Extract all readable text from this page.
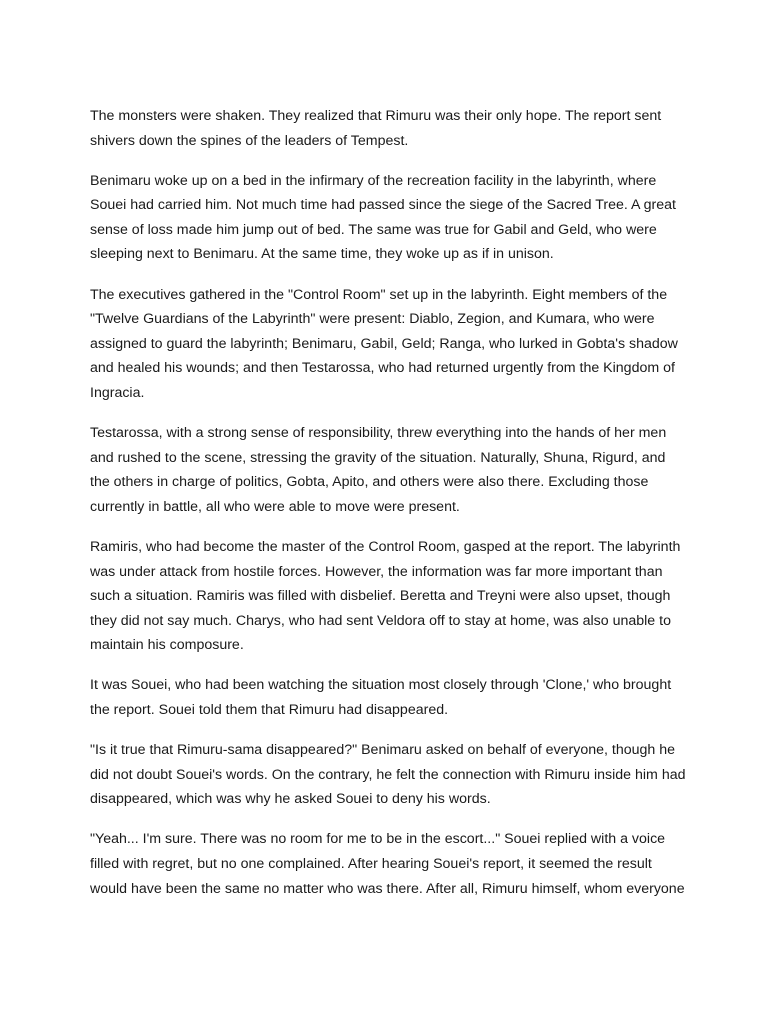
The monsters were shaken. They realized that Rimuru was their only hope. The report sent shivers down the spines of the leaders of Tempest.

Benimaru woke up on a bed in the infirmary of the recreation facility in the labyrinth, where Souei had carried him. Not much time had passed since the siege of the Sacred Tree. A great sense of loss made him jump out of bed. The same was true for Gabil and Geld, who were sleeping next to Benimaru. At the same time, they woke up as if in unison.

The executives gathered in the "Control Room" set up in the labyrinth. Eight members of the "Twelve Guardians of the Labyrinth" were present: Diablo, Zegion, and Kumara, who were assigned to guard the labyrinth; Benimaru, Gabil, Geld; Ranga, who lurked in Gobta's shadow and healed his wounds; and then Testarossa, who had returned urgently from the Kingdom of Ingracia.

Testarossa, with a strong sense of responsibility, threw everything into the hands of her men and rushed to the scene, stressing the gravity of the situation. Naturally, Shuna, Rigurd, and the others in charge of politics, Gobta, Apito, and others were also there. Excluding those currently in battle, all who were able to move were present.

Ramiris, who had become the master of the Control Room, gasped at the report. The labyrinth was under attack from hostile forces. However, the information was far more important than such a situation. Ramiris was filled with disbelief. Beretta and Treyni were also upset, though they did not say much. Charys, who had sent Veldora off to stay at home, was also unable to maintain his composure.

It was Souei, who had been watching the situation most closely through 'Clone,' who brought the report. Souei told them that Rimuru had disappeared.

"Is it true that Rimuru-sama disappeared?" Benimaru asked on behalf of everyone, though he did not doubt Souei's words. On the contrary, he felt the connection with Rimuru inside him had disappeared, which was why he asked Souei to deny his words.

"Yeah... I'm sure. There was no room for me to be in the escort..." Souei replied with a voice filled with regret, but no one complained. After hearing Souei's report, it seemed the result would have been the same no matter who was there. After all, Rimuru himself, whom everyone
